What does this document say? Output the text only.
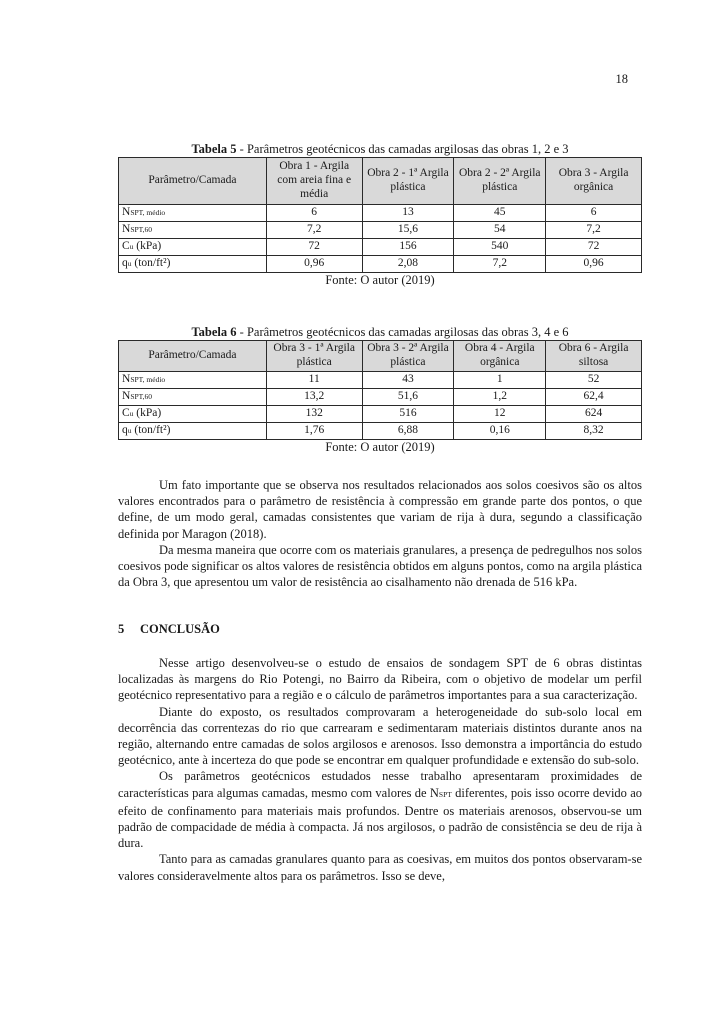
18
Tabela 5 - Parâmetros geotécnicos das camadas argilosas das obras 1, 2 e 3
Parâmetro/Camada	Obra 1 - Argila com areia fina e média	Obra 2 - 1ª Argila plástica	Obra 2 - 2ª Argila plástica	Obra 3 - Argila orgânica
NSPT, médio	6	13	45	6
NSPT,60	7,2	15,6	54	7,2
Cu (kPa)	72	156	540	72
qu (ton/ft²)	0,96	2,08	7,2	0,96
Fonte: O autor (2019)
Tabela 6 - Parâmetros geotécnicos das camadas argilosas das obras 3, 4 e 6
Parâmetro/Camada	Obra 3 - 1ª Argila plástica	Obra 3 - 2ª Argila plástica	Obra 4 - Argila orgânica	Obra 6 - Argila siltosa
NSPT, médio	11	43	1	52
NSPT,60	13,2	51,6	1,2	62,4
Cu (kPa)	132	516	12	624
qu (ton/ft²)	1,76	6,88	0,16	8,32
Fonte: O autor (2019)

Um fato importante que se observa nos resultados relacionados aos solos coesivos são os altos valores encontrados para o parâmetro de resistência à compressão em grande parte dos pontos, o que define, de um modo geral, camadas consistentes que variam de rija à dura, segundo a classificação definida por Maragon (2018).

Da mesma maneira que ocorre com os materiais granulares, a presença de pedregulhos nos solos coesivos pode significar os altos valores de resistência obtidos em alguns pontos, como na argila plástica da Obra 3, que apresentou um valor de resistência ao cisalhamento não drenada de 516 kPa.

5 CONCLUSÃO

Nesse artigo desenvolveu-se o estudo de ensaios de sondagem SPT de 6 obras distintas localizadas às margens do Rio Potengi, no Bairro da Ribeira, com o objetivo de modelar um perfil geotécnico representativo para a região e o cálculo de parâmetros importantes para a sua caracterização.

Diante do exposto, os resultados comprovaram a heterogeneidade do sub-solo local em decorrência das correntezas do rio que carrearam e sedimentaram materiais distintos durante anos na região, alternando entre camadas de solos argilosos e arenosos. Isso demonstra a importância do estudo geotécnico, ante à incerteza do que pode se encontrar em qualquer profundidade e extensão do sub-solo.

Os parâmetros geotécnicos estudados nesse trabalho apresentaram proximidades de características para algumas camadas, mesmo com valores de NSPT diferentes, pois isso ocorre devido ao efeito de confinamento para materiais mais profundos. Dentre os materiais arenosos, observou-se um padrão de compacidade de média à compacta. Já nos argilosos, o padrão de consistência se deu de rija à dura.

Tanto para as camadas granulares quanto para as coesivas, em muitos dos pontos observaram-se valores consideravelmente altos para os parâmetros. Isso se deve,
